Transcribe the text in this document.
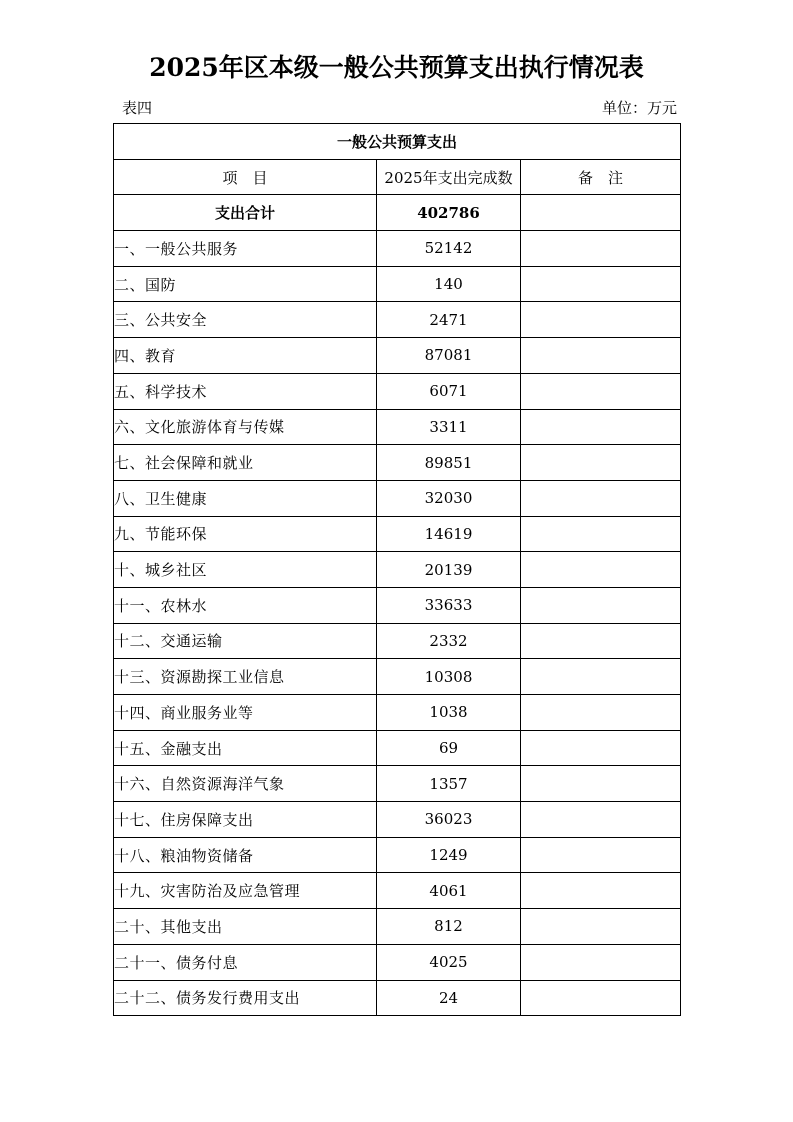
2025年区本级一般公共预算支出执行情况表
表四	单位：万元
一般公共预算支出		
项　目	2025年支出完成数	备　注
支出合计	402786	
一、一般公共服务	52142	
二、国防	140	
三、公共安全	2471	
四、教育	87081	
五、科学技术	6071	
六、文化旅游体育与传媒	3311	
七、社会保障和就业	89851	
八、卫生健康	32030	
九、节能环保	14619	
十、城乡社区	20139	
十一、农林水	33633	
十二、交通运输	2332	
十三、资源勘探工业信息	10308	
十四、商业服务业等	1038	
十五、金融支出	69	
十六、自然资源海洋气象	1357	
十七、住房保障支出	36023	
十八、粮油物资储备	1249	
十九、灾害防治及应急管理	4061	
二十、其他支出	812	
二十一、债务付息	4025	
二十二、债务发行费用支出	24	
